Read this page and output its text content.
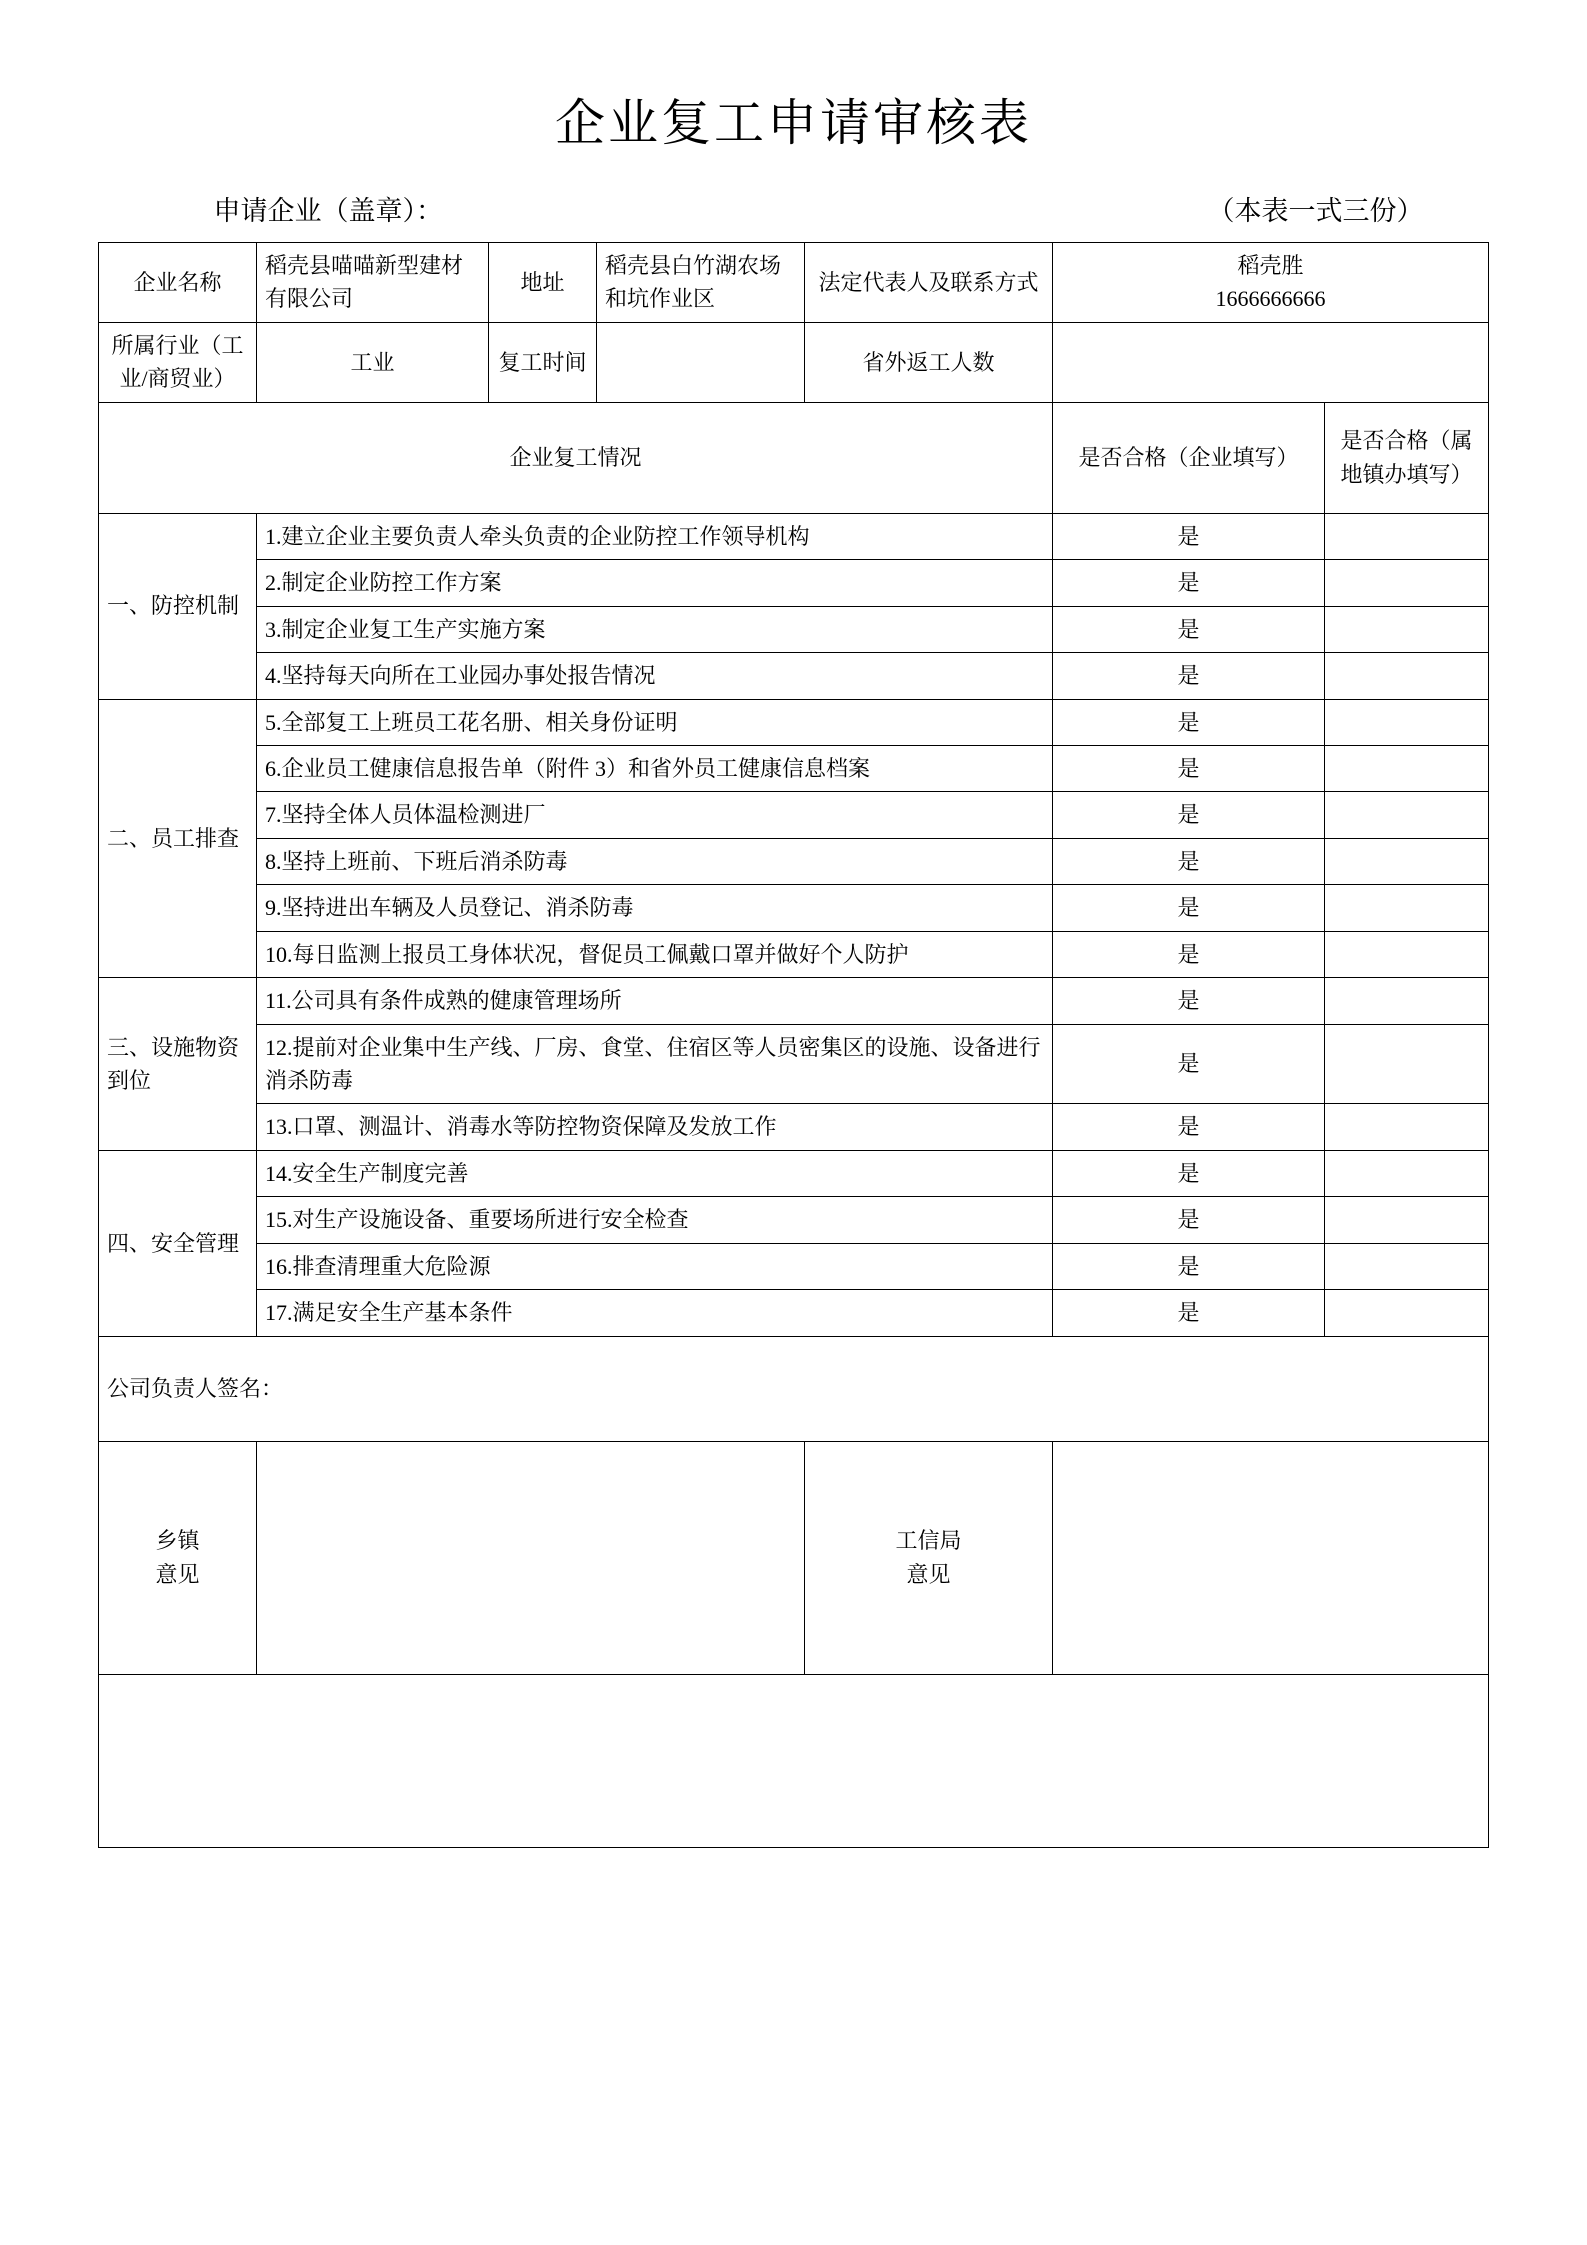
企业复工申请审核表
申请企业（盖章）：	（本表一式三份）
企业名称	稻壳县喵喵新型建材有限公司	地址	稻壳县白竹湖农场和坑作业区	法定代表人及联系方式	稻壳胜
1666666666	

所属行业（工业/商贸业）	工业	复工时间		省外返工人数		
企业复工情况					是否合格（企业填写）	是否合格（属地镇办填写）
一、防控机制	1.建立企业主要负责人牵头负责的企业防控工作领导机构				是	
	2.制定企业防控工作方案				是	
	3.制定企业复工生产实施方案				是	
	4.坚持每天向所在工业园办事处报告情况				是	
二、员工排查	5.全部复工上班员工花名册、相关身份证明				是	
	6.企业员工健康信息报告单（附件 3）和省外员工健康信息档案				是	
	7.坚持全体人员体温检测进厂				是	
	8.坚持上班前、下班后消杀防毒				是	
	9.坚持进出车辆及人员登记、消杀防毒				是	
	10.每日监测上报员工身体状况，督促员工佩戴口罩并做好个人防护				是	
三、设施物资到位	11.公司具有条件成熟的健康管理场所				是	
	12.提前对企业集中生产线、厂房、食堂、住宿区等人员密集区的设施、设备进行消杀防毒				是	
	13.口罩、测温计、消毒水等防控物资保障及发放工作				是	
四、安全管理	14.安全生产制度完善				是	
	15.对生产设施设备、重要场所进行安全检查				是	
	16.排查清理重大危险源				是	
	17.满足安全生产基本条件				是	
公司负责人签名：						
乡镇
意见				工信局
意见		
